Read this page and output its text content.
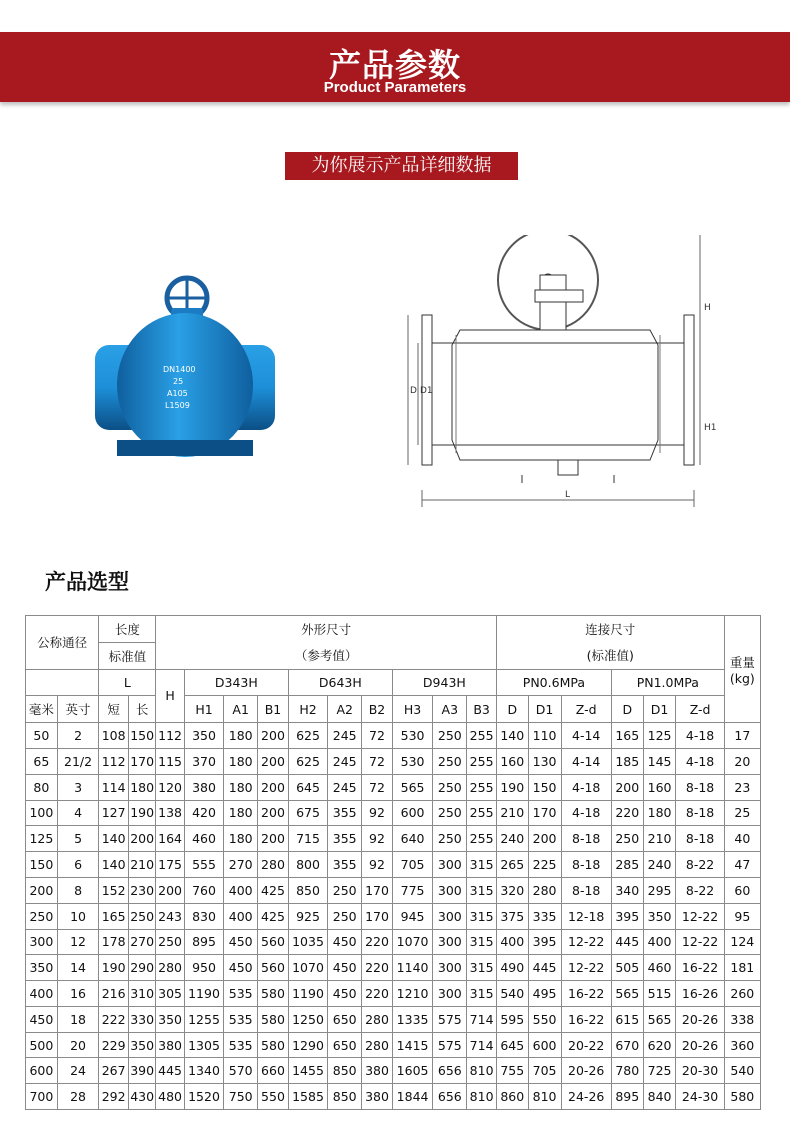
产品参数
Product Parameters
为你展示产品详细数据
DN1400
25
A105
L1509
L
D D1
H
H1
产品选型
公称通径		长度		外形尺寸										连接尺寸						重量
(kg)
		标准值		（参考值）										(标准值)						
		L		H	D343H			D643H			D943H			PN0.6MPa			PN1.0MPa			
毫米	英寸	短	长		H1	A1	B1	H2	A2	B2	H3	A3	B3	D	D1	Z-d	D	D1	Z-d	
50	2	108	150	112	350	180	200	625	245	72	530	250	255	140	110	4-14	165	125	4-18	17
65	21/2	112	170	115	370	180	200	625	245	72	530	250	255	160	130	4-14	185	145	4-18	20
80	3	114	180	120	380	180	200	645	245	72	565	250	255	190	150	4-18	200	160	8-18	23
100	4	127	190	138	420	180	200	675	355	92	600	250	255	210	170	4-18	220	180	8-18	25
125	5	140	200	164	460	180	200	715	355	92	640	250	255	240	200	8-18	250	210	8-18	40
150	6	140	210	175	555	270	280	800	355	92	705	300	315	265	225	8-18	285	240	8-22	47
200	8	152	230	200	760	400	425	850	250	170	775	300	315	320	280	8-18	340	295	8-22	60
250	10	165	250	243	830	400	425	925	250	170	945	300	315	375	335	12-18	395	350	12-22	95
300	12	178	270	250	895	450	560	1035	450	220	1070	300	315	400	395	12-22	445	400	12-22	124
350	14	190	290	280	950	450	560	1070	450	220	1140	300	315	490	445	12-22	505	460	16-22	181
400	16	216	310	305	1190	535	580	1190	450	220	1210	300	315	540	495	16-22	565	515	16-26	260
450	18	222	330	350	1255	535	580	1250	650	280	1335	575	714	595	550	16-22	615	565	20-26	338
500	20	229	350	380	1305	535	580	1290	650	280	1415	575	714	645	600	20-22	670	620	20-26	360
600	24	267	390	445	1340	570	660	1455	850	380	1605	656	810	755	705	20-26	780	725	20-30	540
700	28	292	430	480	1520	750	550	1585	850	380	1844	656	810	860	810	24-26	895	840	24-30	580
